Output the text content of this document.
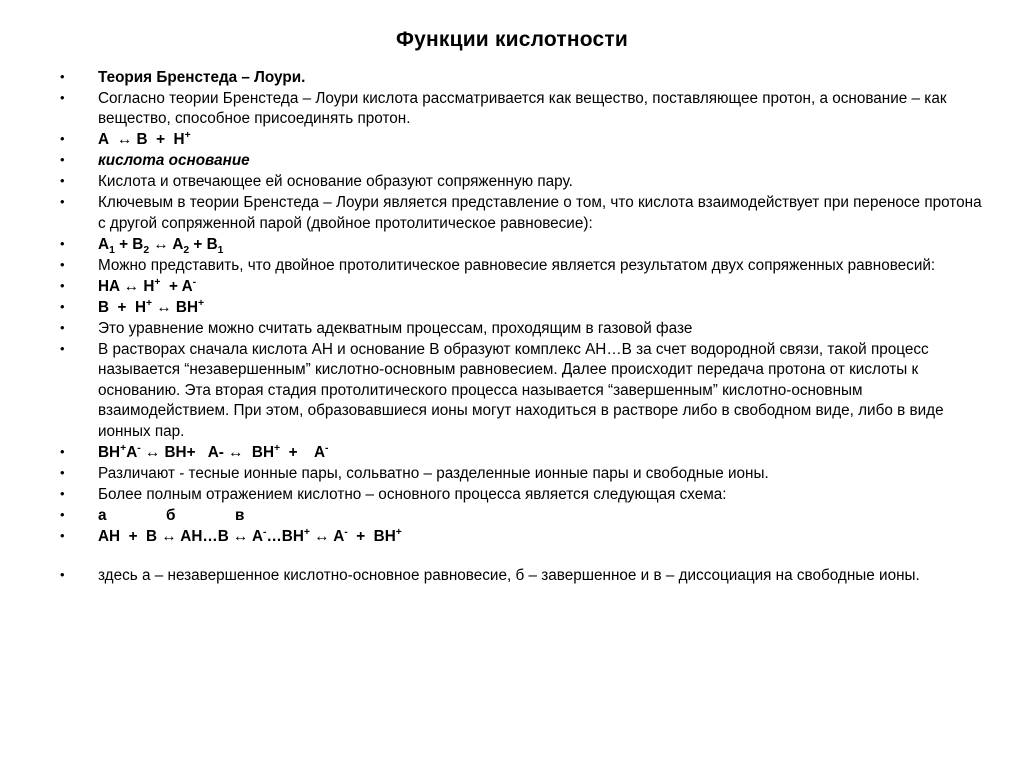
Функции кислотности
• Теория Бренстеда – Лоури.
• Согласно теории Бренстеда – Лоури кислота рассматривается как вещество, поставляющее протон, а основание – как вещество, способное присоединять протон.
• A  ↔ B  +  H+
• кислота основание
• Кислота и отвечающее ей основание образуют сопряженную пару.
• Ключевым в теории Бренстеда – Лоури является представление о том, что кислота взаимодействует при переносе протона с другой сопряженной парой (двойное протолитическое равновесие):
• $A_1 + B_2$ ↔ $A_2 + B_1$
• Можно представить, что двойное протолитическое равновесие является результатом двух сопряженных равновесий:
• HA ↔ H+  + A-
• B  +  H+ ↔ BH+
• Это уравнение можно считать адекватным процессам, проходящим в газовой фазе
• В растворах сначала кислота АН и основание В образуют комплекс АН…В за счет водородной связи, такой процесс называется “незавершенным” кислотно-основным равновесием. Далее происходит передача протона от кислоты к основанию. Эта вторая стадия протолитического процесса называется “завершенным” кислотно-основным взаимодействием. При этом, образовавшиеся ионы могут находиться в растворе либо в свободном виде, либо в виде ионных пар.
• BH+A- ↔ BH+   A- ↔  BH+  +    A-
• Различают - тесные ионные пары, сольватно – разделенные ионные пары и свободные ионы.
• Более полным отражением кислотно – основного процесса является следующая схема:
• а              б              в
• AH  +  B ↔ AH…B ↔ A-…BH+ ↔ A-  +  BH+
• здесь а – незавершенное кислотно-основное равновесие, б – завершенное и в – диссоциация на свободные ионы.
